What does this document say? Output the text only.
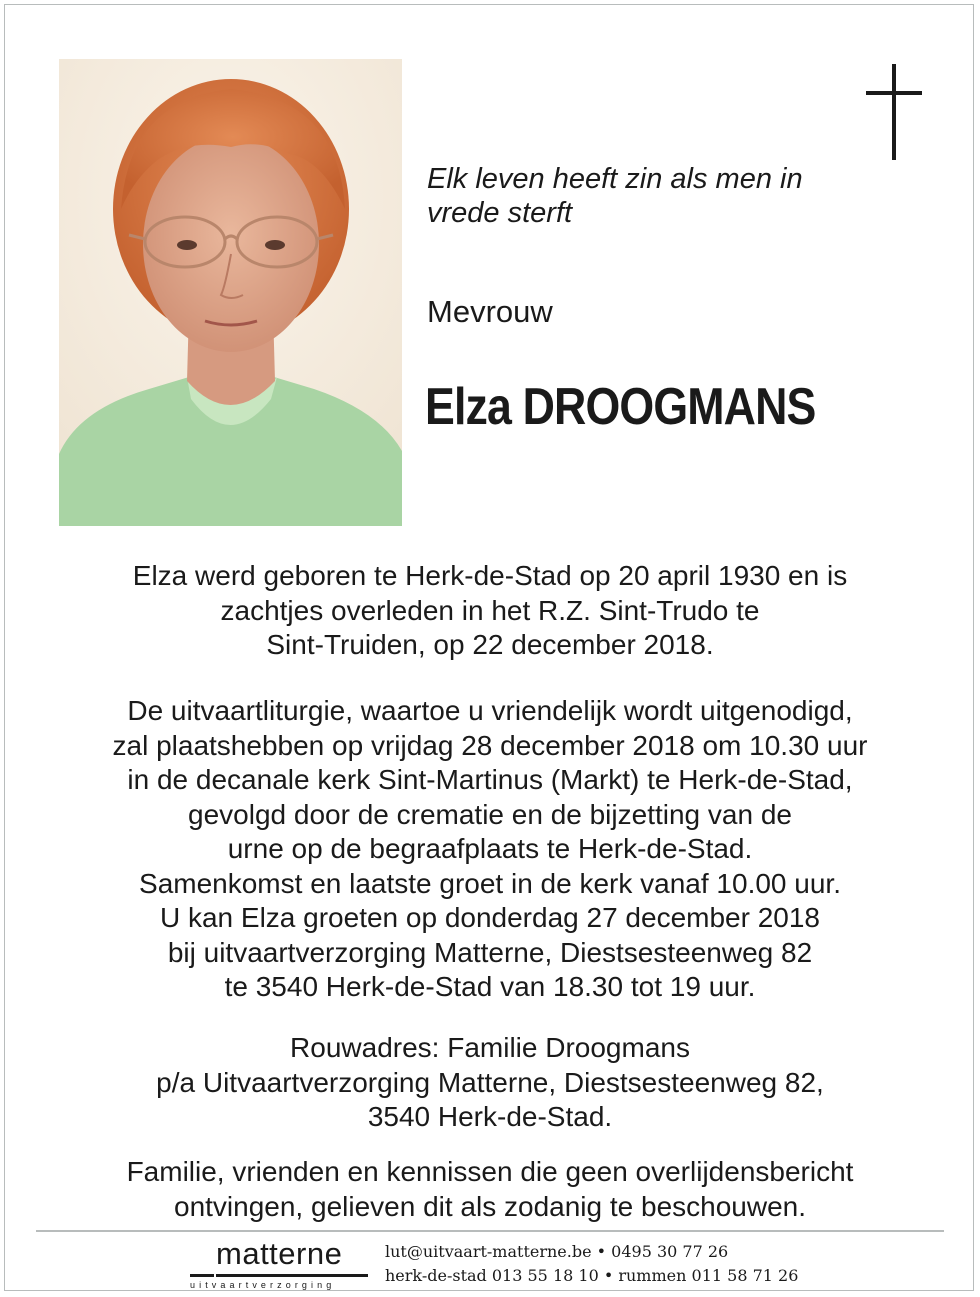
Elk leven heeft zin als men in
vrede sterft

Mevrouw

Elza DROOGMANS

Elza werd geboren te Herk-de-Stad op 20 april 1930 en is

zachtjes overleden in het R.Z. Sint-Trudo te

Sint-Truiden, op 22 december 2018.

De uitvaartliturgie, waartoe u vriendelijk wordt uitgenodigd,

zal plaatshebben op vrijdag 28 december 2018 om 10.30 uur

in de decanale kerk Sint-Martinus (Markt) te Herk-de-Stad,

gevolgd door de crematie en de bijzetting van de

urne op de begraafplaats te Herk-de-Stad.

Samenkomst en laatste groet in de kerk vanaf 10.00 uur.

U kan Elza groeten op donderdag 27 december 2018

bij uitvaartverzorging Matterne, Diestsesteenweg 82

te 3540 Herk-de-Stad van 18.30 tot 19 uur.

Rouwadres: Familie Droogmans

p/a Uitvaartverzorging Matterne, Diestsesteenweg 82,

3540 Herk-de-Stad.

Familie, vrienden en kennissen die geen overlijdensbericht

ontvingen, gelieven dit als zodanig te beschouwen.

matterne
uitvaartverzorging
lut@uitvaart-matterne.be • 0495 30 77 26
herk-de-stad 013 55 18 10 • rummen 011 58 71 26
